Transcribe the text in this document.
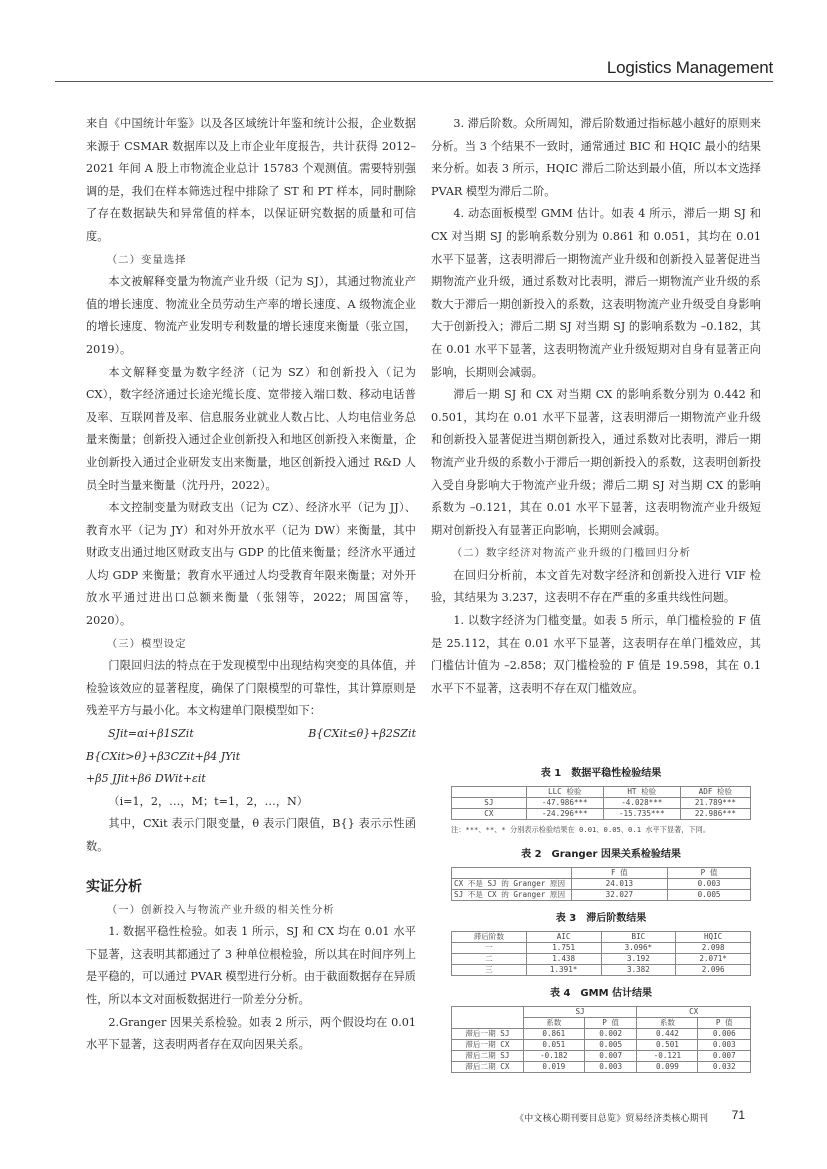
Logistics Management

来自《中国统计年鉴》以及各区域统计年鉴和统计公报，企业数据来源于 CSMAR 数据库以及上市企业年度报告，共计获得 2012–2021 年间 A 股上市物流企业总计 15783 个观测值。需要特别强调的是，我们在样本筛选过程中排除了 ST 和 PT 样本，同时删除了存在数据缺失和异常值的样本，以保证研究数据的质量和可信度。

（二）变量选择

本文被解释变量为物流产业升级（记为 SJ），其通过物流业产值的增长速度、物流业全员劳动生产率的增长速度、A 级物流企业的增长速度、物流产业发明专利数量的增长速度来衡量（张立国，2019）。

本文解释变量为数字经济（记为 SZ）和创新投入（记为 CX），数字经济通过长途光缆长度、宽带接入端口数、移动电话普及率、互联网普及率、信息服务业就业人数占比、人均电信业务总量来衡量；创新投入通过企业创新投入和地区创新投入来衡量，企业创新投入通过企业研发支出来衡量，地区创新投入通过 R&D 人员全时当量来衡量（沈丹丹，2022）。

本文控制变量为财政支出（记为 CZ）、经济水平（记为 JJ）、教育水平（记为 JY）和对外开放水平（记为 DW）来衡量，其中财政支出通过地区财政支出与 GDP 的比值来衡量；经济水平通过人均 GDP 来衡量；教育水平通过人均受教育年限来衡量；对外开放水平通过进出口总额来衡量（张翎等，2022；周国富等，2020）。

（三）模型设定

门限回归法的特点在于发现模型中出现结构突变的具体值，并检验该效应的显著程度，确保了门限模型的可靠性，其计算原则是残差平方与最小化。本文构建单门限模型如下：

SJit=αi+β1SZit B{CXit≤θ}+β2SZit B{CXit>θ}+β3CZit+β4 JYit

+β5 JJit+β6 DWit+εit

（i=1，2，…，M；t=1，2，…，N）

其中，CXit 表示门限变量，θ 表示门限值，B{} 表示示性函数。

实证分析

（一）创新投入与物流产业升级的相关性分析

1. 数据平稳性检验。如表 1 所示，SJ 和 CX 均在 0.01 水平下显著，这表明其都通过了 3 种单位根检验，所以其在时间序列上是平稳的，可以通过 PVAR 模型进行分析。由于截面数据存在异质性，所以本文对面板数据进行一阶差分分析。

2.Granger 因果关系检验。如表 2 所示，两个假设均在 0.01 水平下显著，这表明两者存在双向因果关系。

3. 滞后阶数。众所周知，滞后阶数通过指标越小越好的原则来分析。当 3 个结果不一致时，通常通过 BIC 和 HQIC 最小的结果来分析。如表 3 所示，HQIC 滞后二阶达到最小值，所以本文选择 PVAR 模型为滞后二阶。

4. 动态面板模型 GMM 估计。如表 4 所示，滞后一期 SJ 和 CX 对当期 SJ 的影响系数分别为 0.861 和 0.051，其均在 0.01 水平下显著，这表明滞后一期物流产业升级和创新投入显著促进当期物流产业升级，通过系数对比表明，滞后一期物流产业升级的系数大于滞后一期创新投入的系数，这表明物流产业升级受自身影响大于创新投入；滞后二期 SJ 对当期 SJ 的影响系数为 –0.182，其在 0.01 水平下显著，这表明物流产业升级短期对自身有显著正向影响，长期则会减弱。

滞后一期 SJ 和 CX 对当期 CX 的影响系数分别为 0.442 和 0.501，其均在 0.01 水平下显著，这表明滞后一期物流产业升级和创新投入显著促进当期创新投入，通过系数对比表明，滞后一期物流产业升级的系数小于滞后一期创新投入的系数，这表明创新投入受自身影响大于物流产业升级；滞后二期 SJ 对当期 CX 的影响系数为 –0.121，其在 0.01 水平下显著，这表明物流产业升级短期对创新投入有显著正向影响，长期则会减弱。

（二）数字经济对物流产业升级的门槛回归分析

在回归分析前，本文首先对数字经济和创新投入进行 VIF 检验，其结果为 3.237，这表明不存在严重的多重共线性问题。

1. 以数字经济为门槛变量。如表 5 所示，单门槛检验的 F 值是 25.112，其在 0.01 水平下显著，这表明存在单门槛效应，其门槛估计值为 –2.858；双门槛检验的 F 值是 19.598，其在 0.1 水平下不显著，这表明不存在双门槛效应。

表 1　数据平稳性检验结果
	LLC 检验	HT 检验	ADF 检验
SJ	-47.986***	-4.028***	21.789***
CX	-24.296***	-15.735***	22.986***
注：***、**、* 分别表示检验结果在 0.01、0.05、0.1 水平下显著，下同。
表 2　Granger 因果关系检验结果
	F 值	P 值
CX 不是 SJ 的 Granger 原因	24.013	0.003
SJ 不是 CX 的 Granger 原因	32.027	0.005
表 3　滞后阶数结果
滞后阶数	AIC	BIC	HQIC
一	1.751	3.096*	2.098
二	1.438	3.192	2.071*
三	1.391*	3.382	2.096
表 4　GMM 估计结果
	SJ		CX	
	系数	P 值	系数	P 值
滞后一期 SJ	0.861	0.002	0.442	0.006
滞后一期 CX	0.051	0.005	0.501	0.003
滞后二期 SJ	-0.182	0.007	-0.121	0.007
滞后二期 CX	0.019	0.003	0.099	0.032
《中文核心期刊要目总览》贸易经济类核心期刊 71
